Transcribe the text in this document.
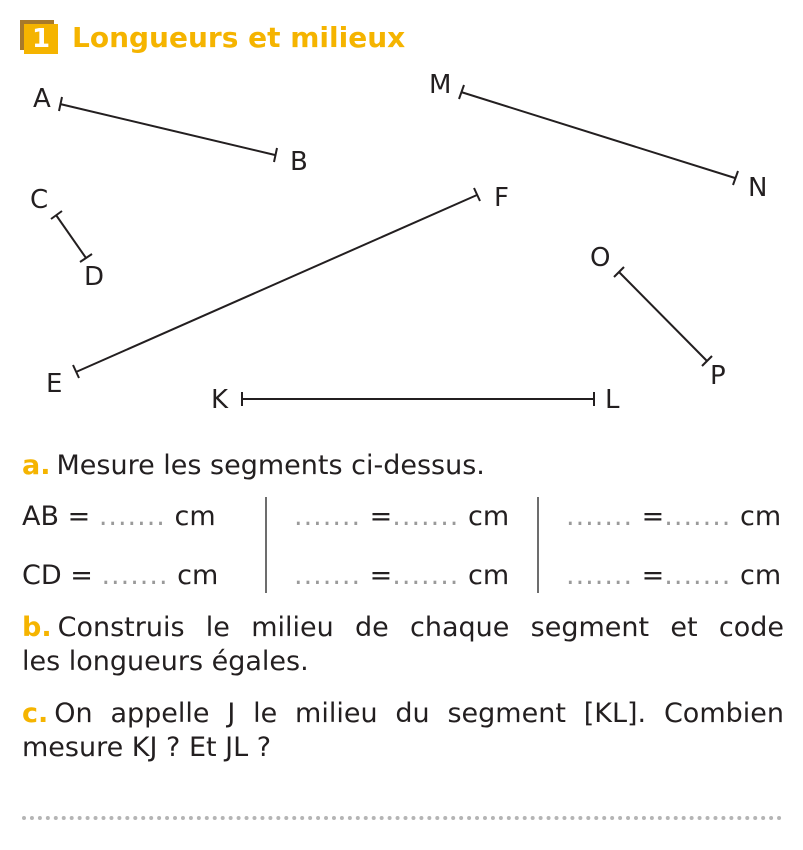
1 Longueurs et milieux
A
B
M
N
C
D
F
O
P
E
K	L
a. Mesure les segments ci-dessus.
AB = ....... cm
CD = ....... cm
....... =....... cm
....... =....... cm
....... =....... cm
....... =....... cm
b. Construis le milieu de chaque segment et code
les longueurs égales.
c. On appelle J le milieu du segment [KL]. Combien
mesure KJ ? Et JL ?
